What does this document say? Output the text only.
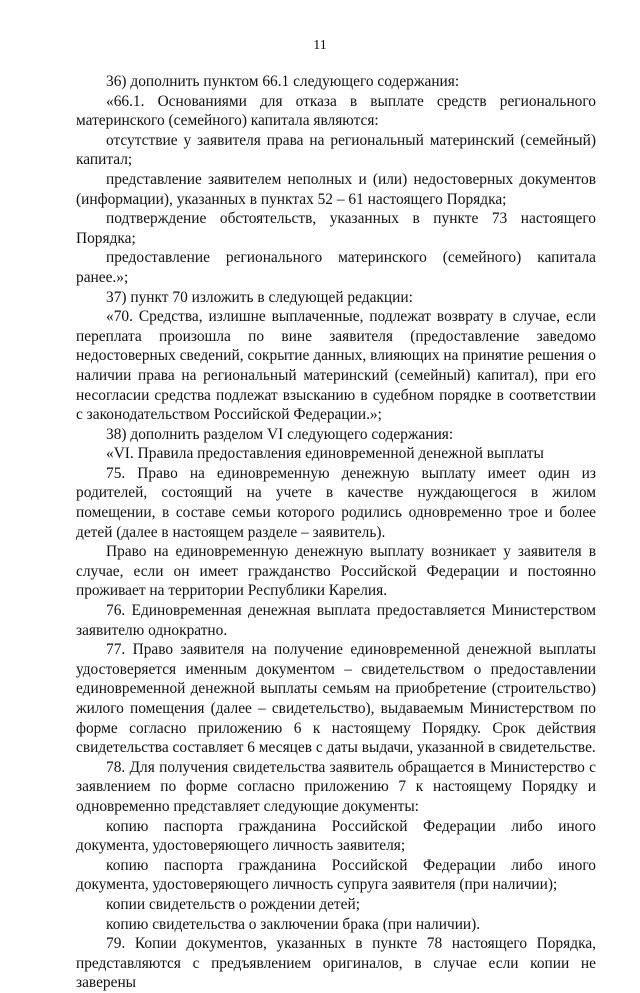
11

36) дополнить пунктом 66.1 следующего содержания:

«66.1. Основаниями для отказа в выплате средств регионального материнского (семейного) капитала являются:

отсутствие у заявителя права на региональный материнский (семейный) капитал;

представление заявителем неполных и (или) недостоверных документов (информации), указанных в пунктах 52 – 61 настоящего Порядка;

подтверждение обстоятельств, указанных в пункте 73 настоящего Порядка;

предоставление регионального материнского (семейного) капитала ранее.»;

37) пункт 70 изложить в следующей редакции:

«70. Средства, излишне выплаченные, подлежат возврату в случае, если переплата произошла по вине заявителя (предоставление заведомо недостоверных сведений, сокрытие данных, влияющих на принятие решения о наличии права на региональный материнский (семейный) капитал), при его несогласии средства подлежат взысканию в судебном порядке в соответствии с законодательством Российской Федерации.»;

38) дополнить разделом VI следующего содержания:

«VI. Правила предоставления единовременной денежной выплаты

75. Право на единовременную денежную выплату имеет один из родителей, состоящий на учете в качестве нуждающегося в жилом помещении, в составе семьи которого родились одновременно трое и более детей (далее в настоящем разделе – заявитель).

Право на единовременную денежную выплату возникает у заявителя в случае, если он имеет гражданство Российской Федерации и постоянно проживает на территории Республики Карелия.

76. Единовременная денежная выплата предоставляется Министерством заявителю однократно.

77. Право заявителя на получение единовременной денежной выплаты удостоверяется именным документом – свидетельством о предоставлении единовременной денежной выплаты семьям на приобретение (строительство) жилого помещения (далее – свидетельство), выдаваемым Министерством по форме согласно приложению 6 к настоящему Порядку. Срок действия свидетельства составляет 6 месяцев с даты выдачи, указанной в свидетельстве.

78. Для получения свидетельства заявитель обращается в Министерство с заявлением по форме согласно приложению 7 к настоящему Порядку и одновременно представляет следующие документы:

копию паспорта гражданина Российской Федерации либо иного документа, удостоверяющего личность заявителя;

копию паспорта гражданина Российской Федерации либо иного документа, удостоверяющего личность супруга заявителя (при наличии);

копии свидетельств о рождении детей;

копию свидетельства о заключении брака (при наличии).

79. Копии документов, указанных в пункте 78 настоящего Порядка, представляются с предъявлением оригиналов, в случае если копии не заверены
